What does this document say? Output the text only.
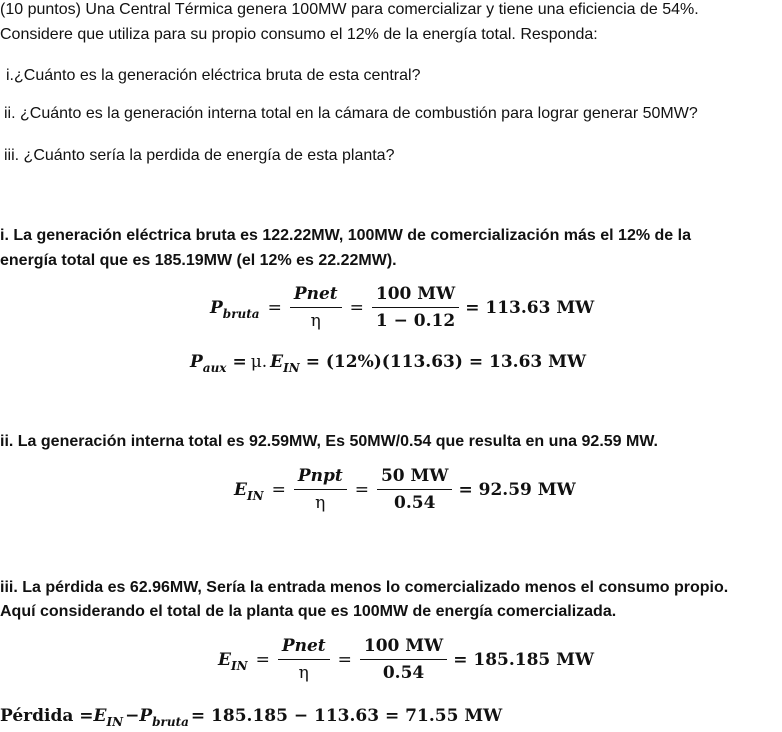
(10 puntos) Una Central Térmica genera 100MW para comercializar y tiene una eficiencia de 54%.
Considere que utiliza para su propio consumo el 12% de la energía total. Responda:
i.¿Cuánto es la generación eléctrica bruta de esta central?
ii. ¿Cuánto es la generación interna total en la cámara de combustión para lograr generar 50MW?
iii. ¿Cuánto sería la perdida de energía de esta planta?
i. La generación eléctrica bruta es 122.22MW, 100MW de comercialización más el 12% de la
energía total que es 185.19MW (el 12% es 22.22MW).
P bruta = $\frac{\text{Pnet}}{\eta} = \frac{100 MW}{1 - 0.12} = 113.63$ MW
P aux = μ. E IN = (12%)(113.63) = 13.63 MW
ii. La generación interna total es 92.59MW, Es 50MW/0.54 que resulta en una 92.59 MW.
E IN = $\frac{\text{Pnpt}}{\eta} = \frac{50 MW}{0.54} = 92.59$ MW
iii. La pérdida es 62.96MW, Sería la entrada menos lo comercializado menos el consumo propio.
Aquí considerando el total de la planta que es 100MW de energía comercializada.
E IN = $\frac{\text{Pnet}}{\eta} = \frac{100 MW}{0.54} = 185.185$ MW
Pérdida = E IN − P bruta = 185.185 − 113.63 = 71.55 MW
